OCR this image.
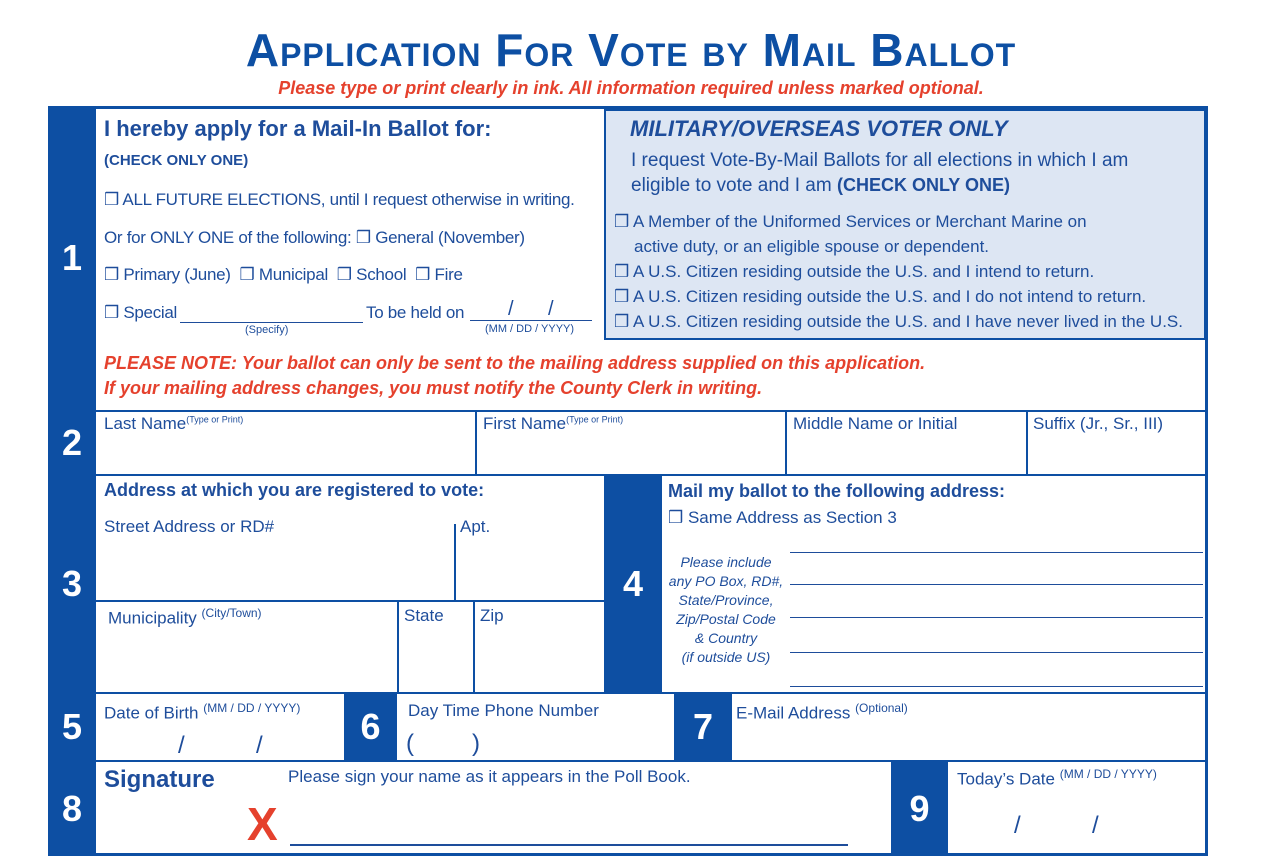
Application For Vote by Mail Ballot
Please type or print clearly in ink. All information required unless marked optional.
1
2
3
5
8
4
6	7
9
I hereby apply for a Mail-In Ballot for:
(CHECK ONLY ONE)
❒ ALL FUTURE ELECTIONS, until I request otherwise in writing.
Or for ONLY ONE of the following: ❒ General (November)
❒ Primary (June)  ❒ Municipal  ❒ School  ❒ Fire
❒ Special
(Specify)
To be held on / /
(MM / DD / YYYY)
PLEASE NOTE: Your ballot can only be sent to the mailing address supplied on this application.
If your mailing address changes, you must notify the County Clerk in writing.
MILITARY/OVERSEAS VOTER ONLY
I request Vote-By-Mail Ballots for all elections in which I am
eligible to vote and I am (CHECK ONLY ONE)
❒ A Member of the Uniformed Services or Merchant Marine on
active duty, or an eligible spouse or dependent.
❒ A U.S. Citizen residing outside the U.S. and I intend to return.
❒ A U.S. Citizen residing outside the U.S. and I do not intend to return.
❒ A U.S. Citizen residing outside the U.S. and I have never lived in the U.S.
Last Name$^{(Type or Print)}$	First Name$^{(Type or Print)}$	Middle Name or Initial	Suffix (Jr., Sr., III)
Address at which you are registered to vote:
Street Address or RD#	Apt.
Municipality $^{(City/Town)}$	State Zip
Mail my ballot to the following address:
❒ Same Address as Section 3
Please include
any PO Box, RD#,
State/Province,
Zip/Postal Code
& Country
(if outside US)
Date of Birth $^{(MM / DD / YYYY)}$
/	/
Day Time Phone Number
( )
E-Mail Address $^{(Optional)}$
Signature	Please sign your name as it appears in the Poll Book.
X
Today’s Date $^{(MM / DD / YYYY)}$
/	/
